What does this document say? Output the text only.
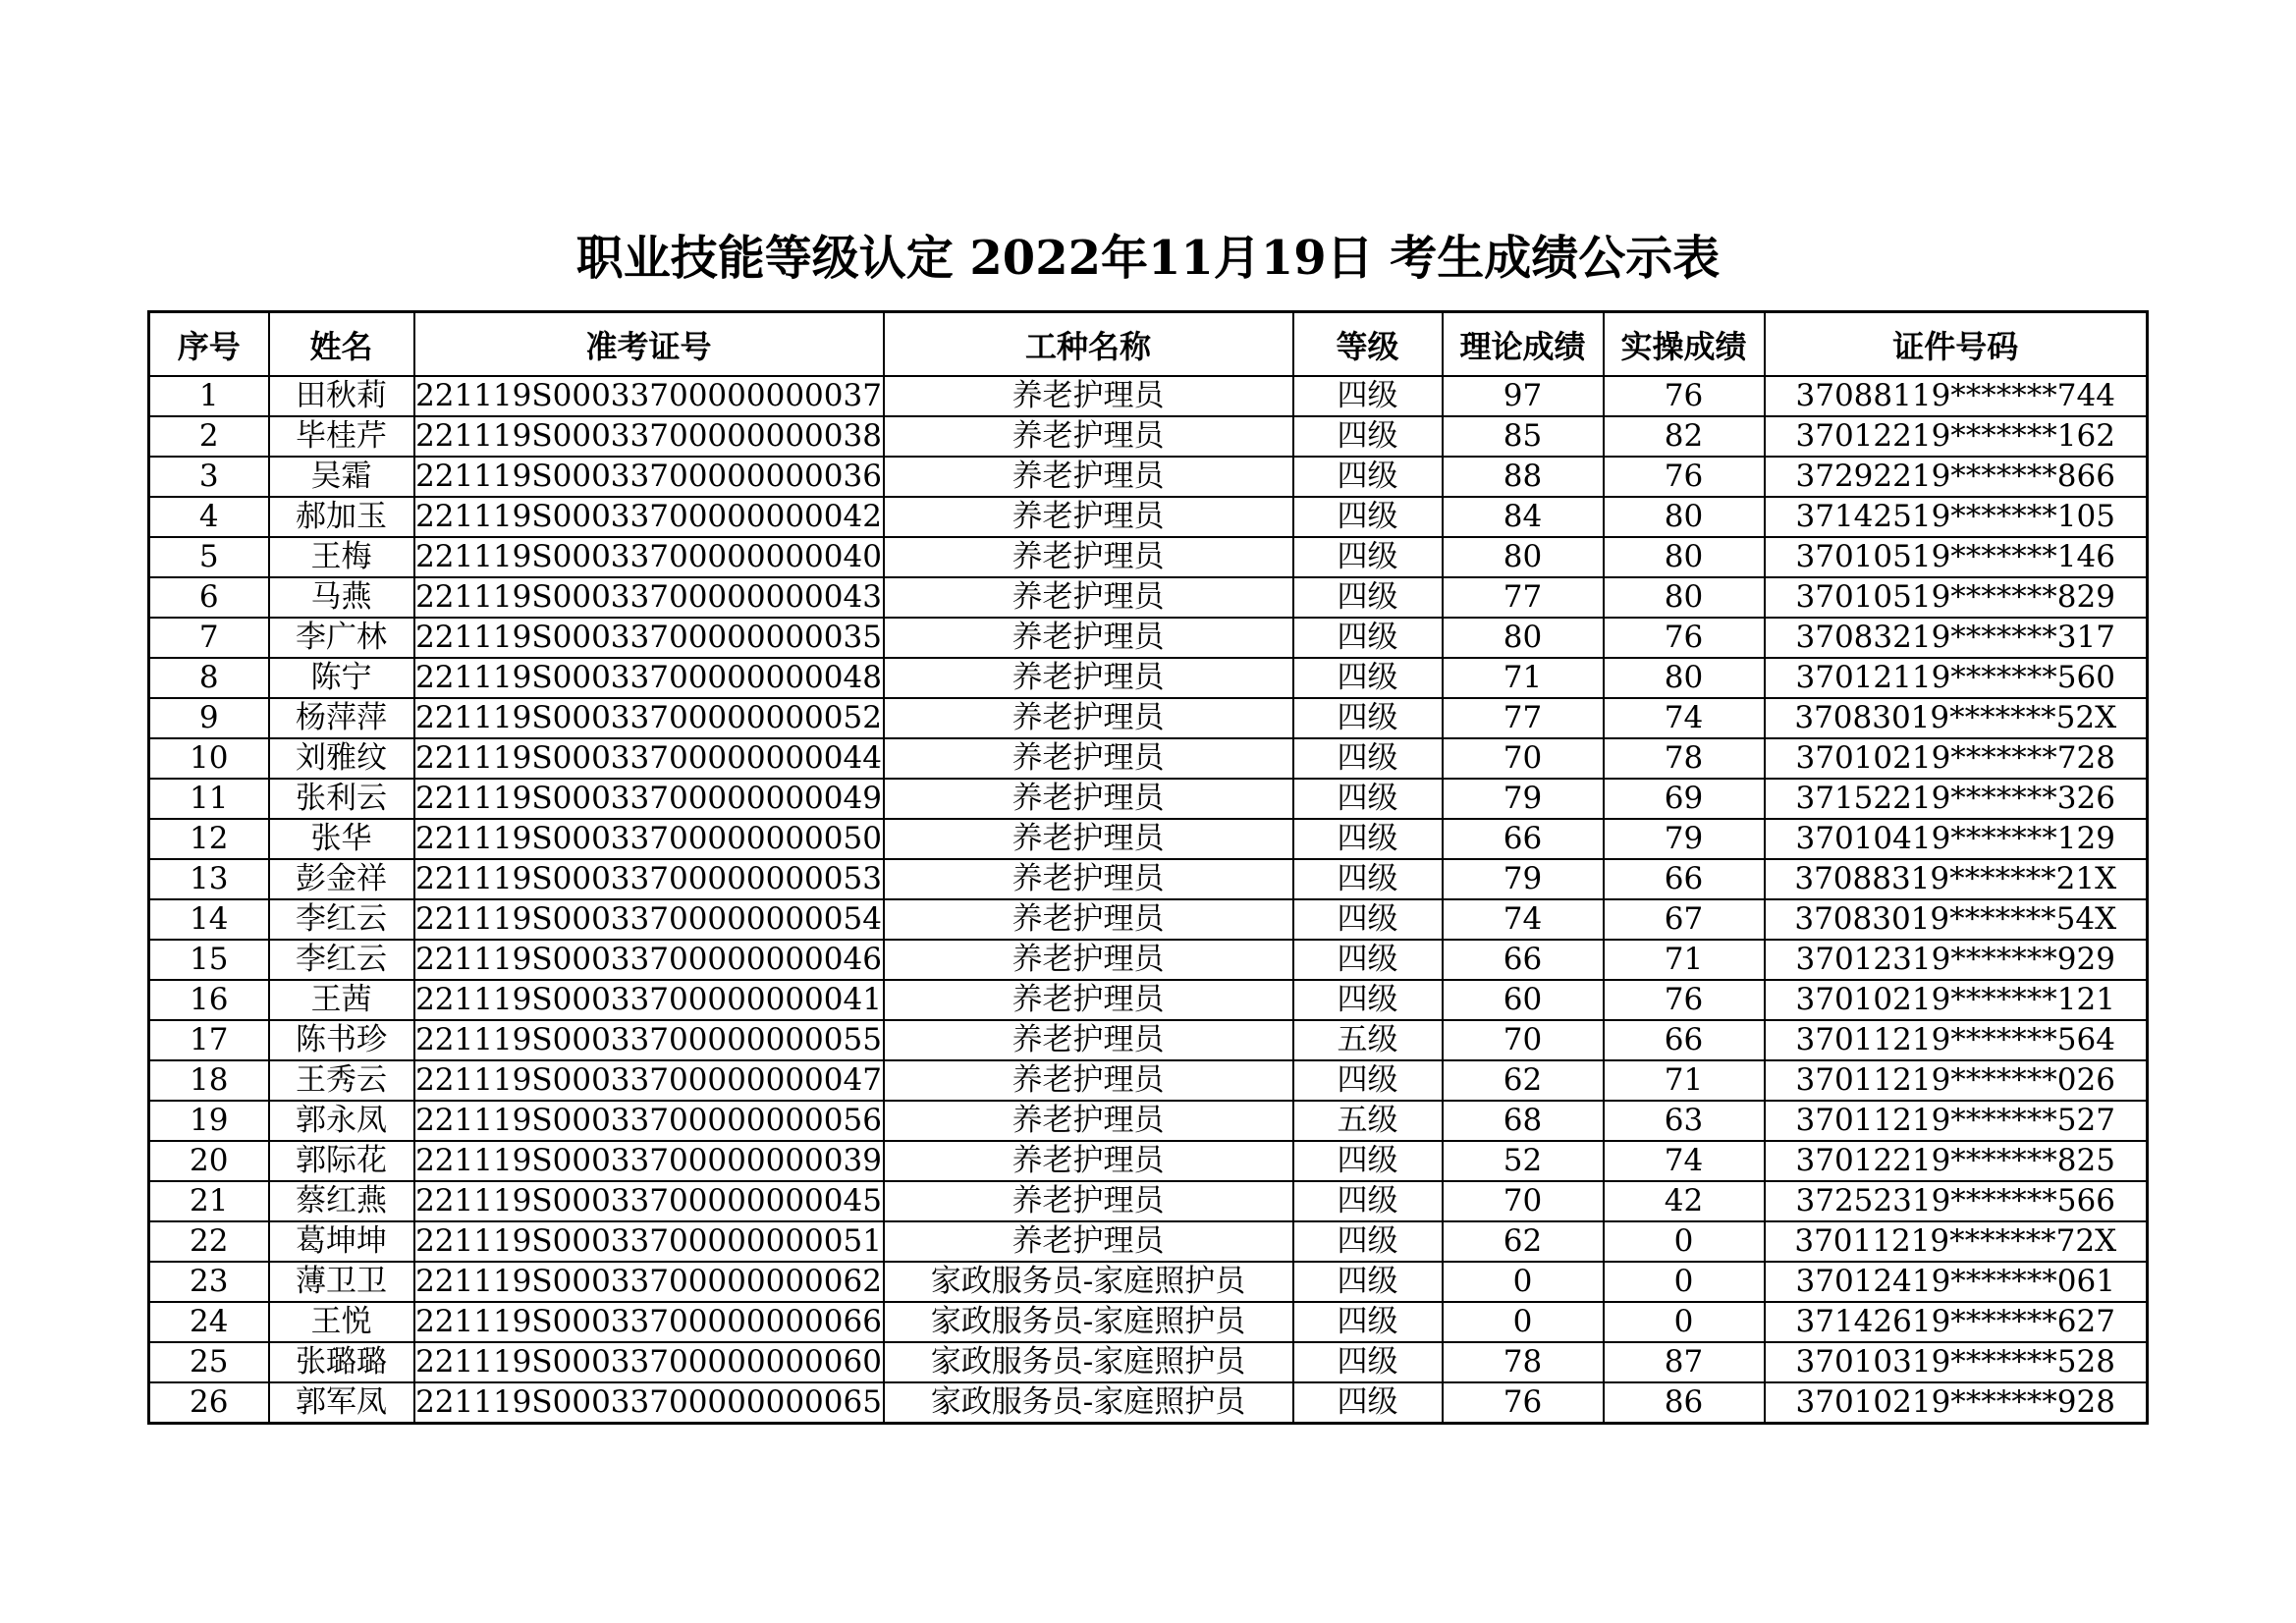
职业技能等级认定 2022年11月19日 考生成绩公示表
序号	姓名	准考证号	工种名称	等级	理论成绩	实操成绩	证件号码
1	田秋莉	221119S00033700000000037	养老护理员	四级	97	76	37088119*******744
2	毕桂芹	221119S00033700000000038	养老护理员	四级	85	82	37012219*******162
3	吴霜	221119S00033700000000036	养老护理员	四级	88	76	37292219*******866
4	郝加玉	221119S00033700000000042	养老护理员	四级	84	80	37142519*******105
5	王梅	221119S00033700000000040	养老护理员	四级	80	80	37010519*******146
6	马燕	221119S00033700000000043	养老护理员	四级	77	80	37010519*******829
7	李广林	221119S00033700000000035	养老护理员	四级	80	76	37083219*******317
8	陈宁	221119S00033700000000048	养老护理员	四级	71	80	37012119*******560
9	杨萍萍	221119S00033700000000052	养老护理员	四级	77	74	37083019*******52X
10	刘雅纹	221119S00033700000000044	养老护理员	四级	70	78	37010219*******728
11	张利云	221119S00033700000000049	养老护理员	四级	79	69	37152219*******326
12	张华	221119S00033700000000050	养老护理员	四级	66	79	37010419*******129
13	彭金祥	221119S00033700000000053	养老护理员	四级	79	66	37088319*******21X
14	李红云	221119S00033700000000054	养老护理员	四级	74	67	37083019*******54X
15	李红云	221119S00033700000000046	养老护理员	四级	66	71	37012319*******929
16	王茜	221119S00033700000000041	养老护理员	四级	60	76	37010219*******121
17	陈书珍	221119S00033700000000055	养老护理员	五级	70	66	37011219*******564
18	王秀云	221119S00033700000000047	养老护理员	四级	62	71	37011219*******026
19	郭永凤	221119S00033700000000056	养老护理员	五级	68	63	37011219*******527
20	郭际花	221119S00033700000000039	养老护理员	四级	52	74	37012219*******825
21	蔡红燕	221119S00033700000000045	养老护理员	四级	70	42	37252319*******566
22	葛坤坤	221119S00033700000000051	养老护理员	四级	62	0	37011219*******72X
23	薄卫卫	221119S00033700000000062	家政服务员-家庭照护员	四级	0	0	37012419*******061
24	王悦	221119S00033700000000066	家政服务员-家庭照护员	四级	0	0	37142619*******627
25	张璐璐	221119S00033700000000060	家政服务员-家庭照护员	四级	78	87	37010319*******528
26	郭军凤	221119S00033700000000065	家政服务员-家庭照护员	四级	76	86	37010219*******928
